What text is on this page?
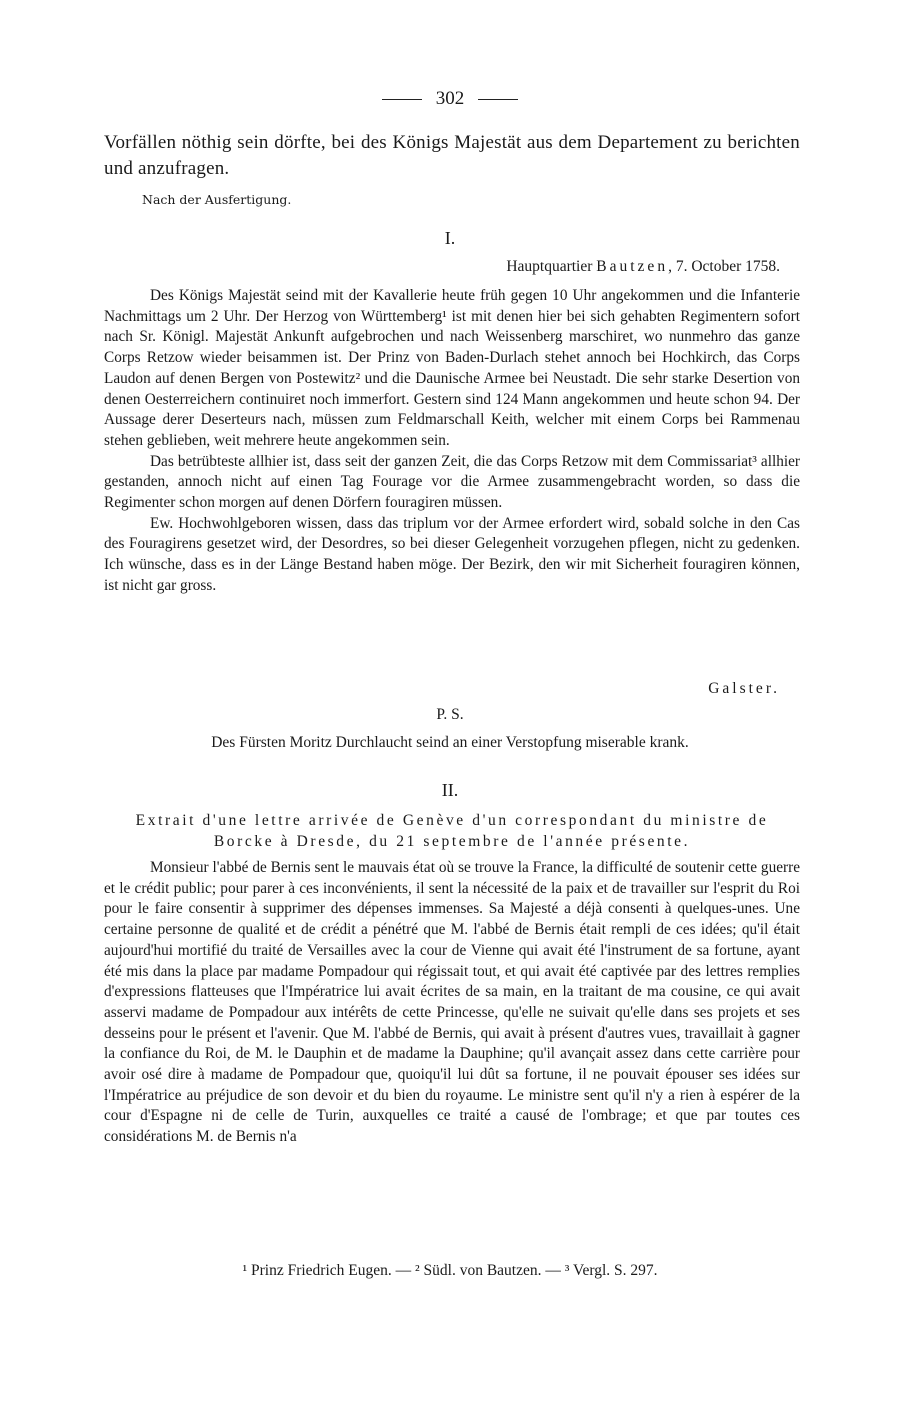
302
Vorfällen nöthig sein dörfte, bei des Königs Majestät aus dem Departement zu berichten und anzufragen.
Nach der Ausfertigung.
I.
Hauptquartier Bautzen, 7. October 1758.

Des Königs Majestät seind mit der Kavallerie heute früh gegen 10 Uhr angekommen und die Infanterie Nachmittags um 2 Uhr. Der Herzog von Württemberg¹ ist mit denen hier bei sich gehabten Regimentern sofort nach Sr. Königl. Majestät Ankunft aufgebrochen und nach Weissenberg marschiret, wo nunmehro das ganze Corps Retzow wieder beisammen ist. Der Prinz von Baden-Durlach stehet annoch bei Hochkirch, das Corps Laudon auf denen Bergen von Postewitz² und die Daunische Armee bei Neustadt. Die sehr starke Desertion von denen Oesterreichern continuiret noch immerfort. Gestern sind 124 Mann angekommen und heute schon 94. Der Aussage derer Deserteurs nach, müssen zum Feldmarschall Keith, welcher mit einem Corps bei Rammenau stehen geblieben, weit mehrere heute angekommen sein.

Das betrübteste allhier ist, dass seit der ganzen Zeit, die das Corps Retzow mit dem Commissariat³ allhier gestanden, annoch nicht auf einen Tag Fourage vor die Armee zusammengebracht worden, so dass die Regimenter schon morgen auf denen Dörfern fouragiren müssen.

Ew. Hochwohlgeboren wissen, dass das triplum vor der Armee erfordert wird, sobald solche in den Cas des Fouragirens gesetzet wird, der Desordres, so bei dieser Gelegenheit vorzugehen pflegen, nicht zu gedenken. Ich wünsche, dass es in der Länge Bestand haben möge. Der Bezirk, den wir mit Sicherheit fouragiren können, ist nicht gar gross.

Galster.
P. S.
Des Fürsten Moritz Durchlaucht seind an einer Verstopfung miserable krank.
II.
Extrait d'une lettre arrivée de Genève d'un correspondant du ministre de Borcke à Dresde, du 21 septembre de l'année présente.

Monsieur l'abbé de Bernis sent le mauvais état où se trouve la France, la difficulté de soutenir cette guerre et le crédit public; pour parer à ces inconvénients, il sent la nécessité de la paix et de travailler sur l'esprit du Roi pour le faire consentir à supprimer des dépenses immenses. Sa Majesté a déjà consenti à quelques-unes. Une certaine personne de qualité et de crédit a pénétré que M. l'abbé de Bernis était rempli de ces idées; qu'il était aujourd'hui mortifié du traité de Versailles avec la cour de Vienne qui avait été l'instrument de sa fortune, ayant été mis dans la place par madame Pompadour qui régissait tout, et qui avait été captivée par des lettres remplies d'expressions flatteuses que l'Impératrice lui avait écrites de sa main, en la traitant de ma cousine, ce qui avait asservi madame de Pompadour aux intérêts de cette Princesse, qu'elle ne suivait qu'elle dans ses projets et ses desseins pour le présent et l'avenir. Que M. l'abbé de Bernis, qui avait à présent d'autres vues, travaillait à gagner la confiance du Roi, de M. le Dauphin et de madame la Dauphine; qu'il avançait assez dans cette carrière pour avoir osé dire à madame de Pompadour que, quoiqu'il lui dût sa fortune, il ne pouvait épouser ses idées sur l'Impératrice au préjudice de son devoir et du bien du royaume. Le ministre sent qu'il n'y a rien à espérer de la cour d'Espagne ni de celle de Turin, auxquelles ce traité a causé de l'ombrage; et que par toutes ces considérations M. de Bernis n'a

¹ Prinz Friedrich Eugen. — ² Südl. von Bautzen. — ³ Vergl. S. 297.
